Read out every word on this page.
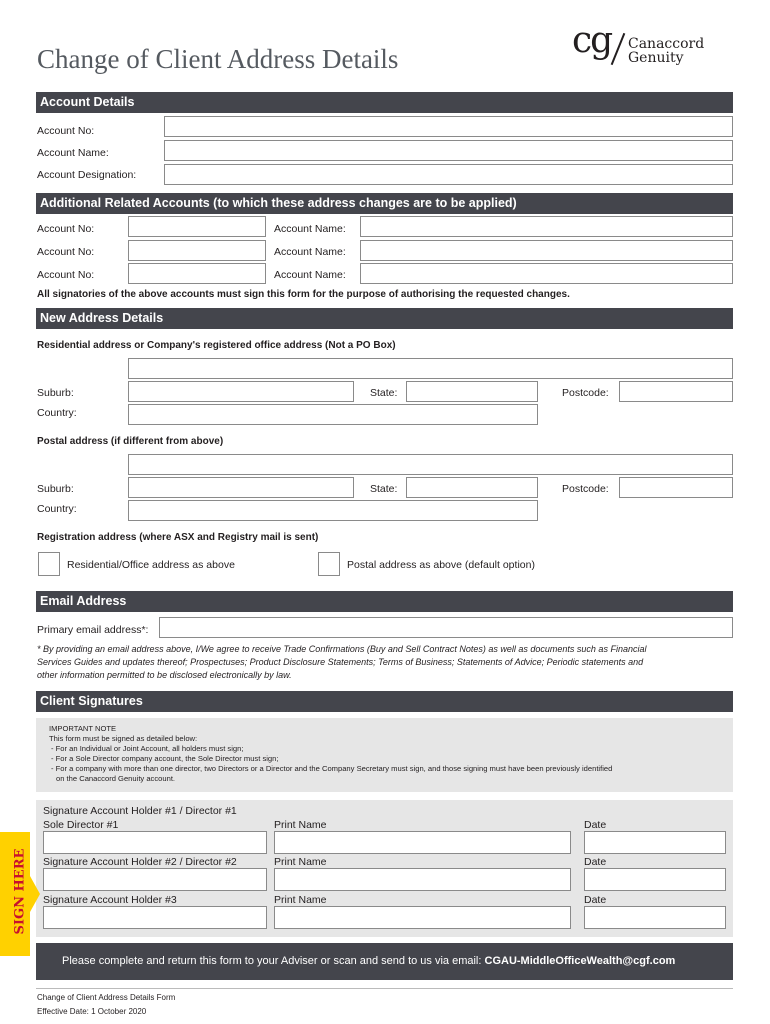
Change of Client Address Details	cg Canaccord
Genuity
Account Details
Account No:
Account Name:
Account Designation:
Additional Related Accounts (to which these address changes are to be applied)
Account No:	Account Name:
Account No:	Account Name:
Account No:	Account Name:
All signatories of the above accounts must sign this form for the purpose of authorising the requested changes.
New Address Details
Residential address or Company's registered office address (Not a PO Box)
Suburb:	State:	Postcode:
Country:
Postal address (if different from above)
Suburb:	State:	Postcode:
Country:
Registration address (where ASX and Registry mail is sent)
Residential/Office address as above	Postal address as above (default option)
Email Address
Primary email address*:
* By providing an email address above, I/We agree to receive Trade Confirmations (Buy and Sell Contract Notes) as well as documents such as Financial
Services Guides and updates thereof; Prospectuses; Product Disclosure Statements; Terms of Business; Statements of Advice; Periodic statements and
other information permitted to be disclosed electronically by law.
Client Signatures
IMPORTANT NOTE
This form must be signed as detailed below:
- For an Individual or Joint Account, all holders must sign;
- For a Sole Director company account, the Sole Director must sign;
- For a company with more than one director, two Directors or a Director and the Company Secretary must sign, and those signing must have been previously identified
on the Canaccord Genuity account.
Signature Account Holder #1 / Director #1
Sole Director #1	Print Name	Date
Signature Account Holder #2 / Director #2	Print Name	Date
Signature Account Holder #3	Print Name	Date
SIGN HERE
Please complete and return this form to your Adviser or scan and send to us via email: CGAU-MiddleOfficeWealth@cgf.com
Change of Client Address Details Form
Effective Date: 1 October 2020
